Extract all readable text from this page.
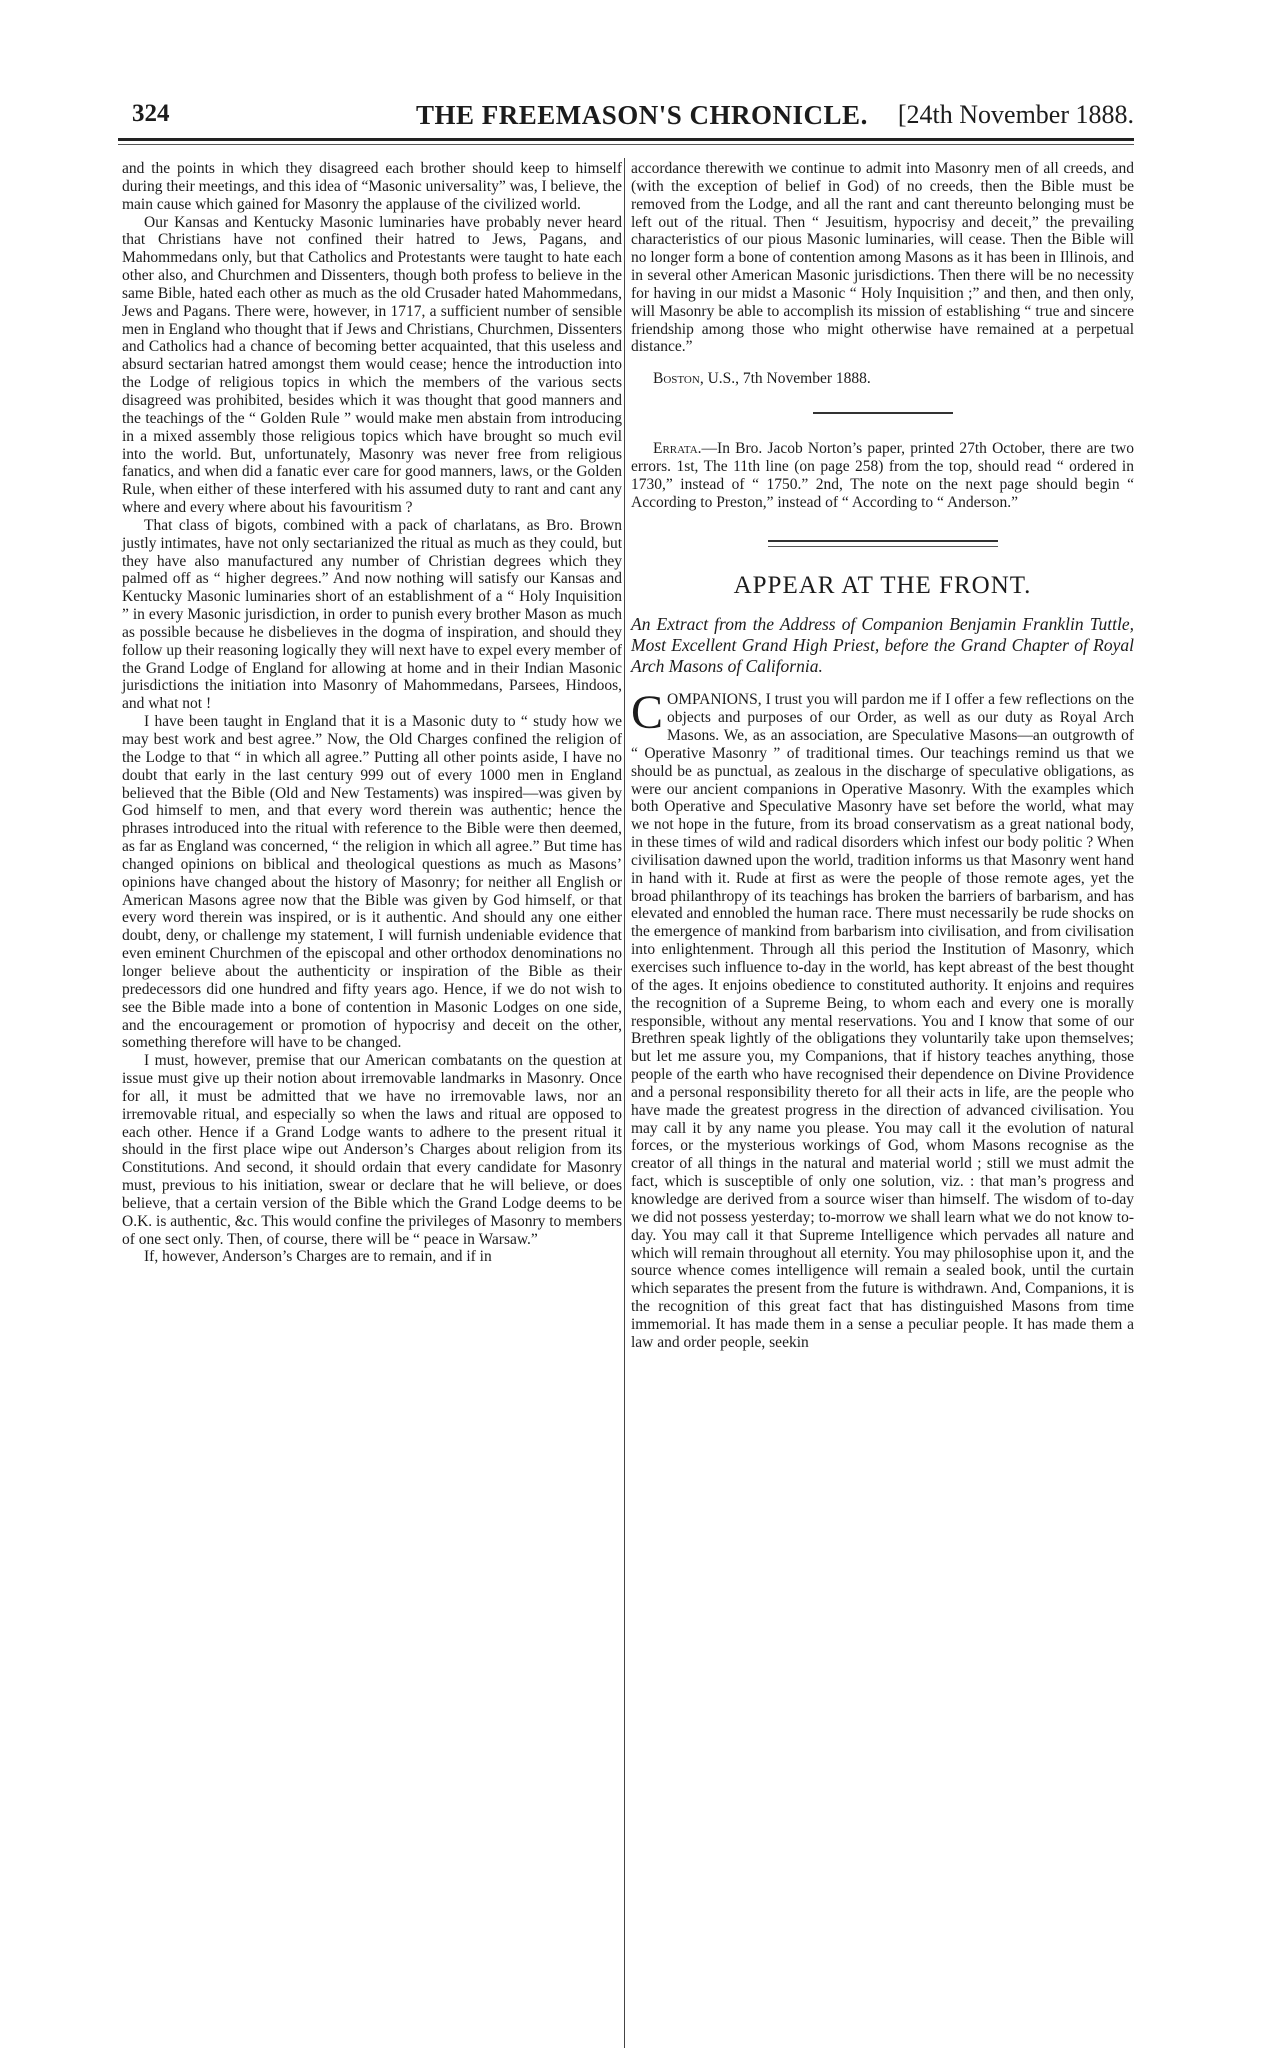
324	THE FREEMASON'S CHRONICLE. [24th November 1888.

and the points in which they disagreed each brother should keep to himself during their meetings, and this idea of “Masonic universality” was, I believe, the main cause which gained for Masonry the applause of the civilized world.

Our Kansas and Kentucky Masonic luminaries have probably never heard that Christians have not confined their hatred to Jews, Pagans, and Mahommedans only, but that Catholics and Protestants were taught to hate each other also, and Churchmen and Dissenters, though both profess to believe in the same Bible, hated each other as much as the old Crusader hated Mahommedans, Jews and Pagans. There were, however, in 1717, a sufficient number of sensible men in England who thought that if Jews and Christians, Churchmen, Dissenters and Catholics had a chance of becoming better acquainted, that this useless and absurd sectarian hatred amongst them would cease; hence the introduction into the Lodge of religious topics in which the members of the various sects disagreed was prohibited, besides which it was thought that good manners and the teachings of the “ Golden Rule ” would make men abstain from introducing in a mixed assembly those religious topics which have brought so much evil into the world. But, unfortunately, Masonry was never free from religious fanatics, and when did a fanatic ever care for good manners, laws, or the Golden Rule, when either of these interfered with his assumed duty to rant and cant any where and every where about his favouritism ?

That class of bigots, combined with a pack of charlatans, as Bro. Brown justly intimates, have not only sectarianized the ritual as much as they could, but they have also manufactured any number of Christian degrees which they palmed off as “ higher degrees.” And now nothing will satisfy our Kansas and Kentucky Masonic luminaries short of an establishment of a “ Holy Inquisition ” in every Masonic jurisdiction, in order to punish every brother Mason as much as possible because he disbelieves in the dogma of inspiration, and should they follow up their reasoning logically they will next have to expel every member of the Grand Lodge of England for allowing at home and in their Indian Masonic jurisdictions the initiation into Masonry of Mahommedans, Parsees, Hindoos, and what not !

I have been taught in England that it is a Masonic duty to “ study how we may best work and best agree.” Now, the Old Charges confined the religion of the Lodge to that “ in which all agree.” Putting all other points aside, I have no doubt that early in the last century 999 out of every 1000 men in England believed that the Bible (Old and New Testaments) was inspired—was given by God himself to men, and that every word therein was authentic; hence the phrases introduced into the ritual with reference to the Bible were then deemed, as far as England was concerned, “ the religion in which all agree.” But time has changed opinions on biblical and theological questions as much as Masons’ opinions have changed about the history of Masonry; for neither all English or American Masons agree now that the Bible was given by God himself, or that every word therein was inspired, or is it authentic. And should any one either doubt, deny, or challenge my statement, I will furnish undeniable evidence that even eminent Churchmen of the episcopal and other orthodox denominations no longer believe about the authenticity or inspiration of the Bible as their predecessors did one hundred and fifty years ago. Hence, if we do not wish to see the Bible made into a bone of contention in Masonic Lodges on one side, and the encouragement or promotion of hypocrisy and deceit on the other, something therefore will have to be changed.

I must, however, premise that our American combatants on the question at issue must give up their notion about irremovable landmarks in Masonry. Once for all, it must be admitted that we have no irremovable laws, nor an irremovable ritual, and especially so when the laws and ritual are opposed to each other. Hence if a Grand Lodge wants to adhere to the present ritual it should in the first place wipe out Anderson’s Charges about religion from its Constitutions. And second, it should ordain that every candidate for Masonry must, previous to his initiation, swear or declare that he will believe, or does believe, that a certain version of the Bible which the Grand Lodge deems to be O.K. is authentic, &c. This would confine the privileges of Masonry to members of one sect only. Then, of course, there will be “ peace in Warsaw.”

If, however, Anderson’s Charges are to remain, and if in

accordance therewith we continue to admit into Masonry men of all creeds, and (with the exception of belief in God) of no creeds, then the Bible must be removed from the Lodge, and all the rant and cant thereunto belonging must be left out of the ritual. Then “ Jesuitism, hypocrisy and deceit,” the prevailing characteristics of our pious Masonic luminaries, will cease. Then the Bible will no longer form a bone of contention among Masons as it has been in Illinois, and in several other American Masonic jurisdictions. Then there will be no necessity for having in our midst a Masonic “ Holy Inquisition ;” and then, and then only, will Masonry be able to accomplish its mission of establishing “ true and sincere friendship among those who might otherwise have remained at a perpetual distance.”

Boston, U.S., 7th November 1888.

Errata.—In Bro. Jacob Norton’s paper, printed 27th October, there are two errors. 1st, The 11th line (on page 258) from the top, should read “ ordered in 1730,” instead of “ 1750.” 2nd, The note on the next page should begin “ According to Preston,” instead of “ According to “ Anderson.”

APPEAR AT THE FRONT.
An Extract from the Address of Companion Benjamin Franklin Tuttle, Most Excellent Grand High Priest, before the Grand Chapter of Royal Arch Masons of California.

COMPANIONS, I trust you will pardon me if I offer a few reflections on the objects and purposes of our Order, as well as our duty as Royal Arch Masons. We, as an association, are Speculative Masons—an outgrowth of “ Operative Masonry ” of traditional times. Our teachings remind us that we should be as punctual, as zealous in the discharge of speculative obligations, as were our ancient companions in Operative Masonry. With the examples which both Operative and Speculative Masonry have set before the world, what may we not hope in the future, from its broad conservatism as a great national body, in these times of wild and radical disorders which infest our body politic ? When civilisation dawned upon the world, tradition informs us that Masonry went hand in hand with it. Rude at first as were the people of those remote ages, yet the broad philanthropy of its teachings has broken the barriers of barbarism, and has elevated and ennobled the human race. There must necessarily be rude shocks on the emergence of mankind from barbarism into civilisation, and from civilisation into enlightenment. Through all this period the Institution of Masonry, which exercises such influence to-day in the world, has kept abreast of the best thought of the ages. It enjoins obedience to constituted authority. It enjoins and requires the recognition of a Supreme Being, to whom each and every one is morally responsible, without any mental reservations. You and I know that some of our Brethren speak lightly of the obligations they voluntarily take upon themselves; but let me assure you, my Companions, that if history teaches anything, those people of the earth who have recognised their dependence on Divine Providence and a personal responsibility thereto for all their acts in life, are the people who have made the greatest progress in the direction of advanced civilisation. You may call it by any name you please. You may call it the evolution of natural forces, or the mysterious workings of God, whom Masons recognise as the creator of all things in the natural and material world ; still we must admit the fact, which is susceptible of only one solution, viz. : that man’s progress and knowledge are derived from a source wiser than himself. The wisdom of to-day we did not possess yesterday; to-morrow we shall learn what we do not know to-day. You may call it that Supreme Intelligence which pervades all nature and which will remain throughout all eternity. You may philosophise upon it, and the source whence comes intelligence will remain a sealed book, until the curtain which separates the present from the future is withdrawn. And, Companions, it is the recognition of this great fact that has distinguished Masons from time immemorial. It has made them in a sense a peculiar people. It has made them a law and order people, seekin
